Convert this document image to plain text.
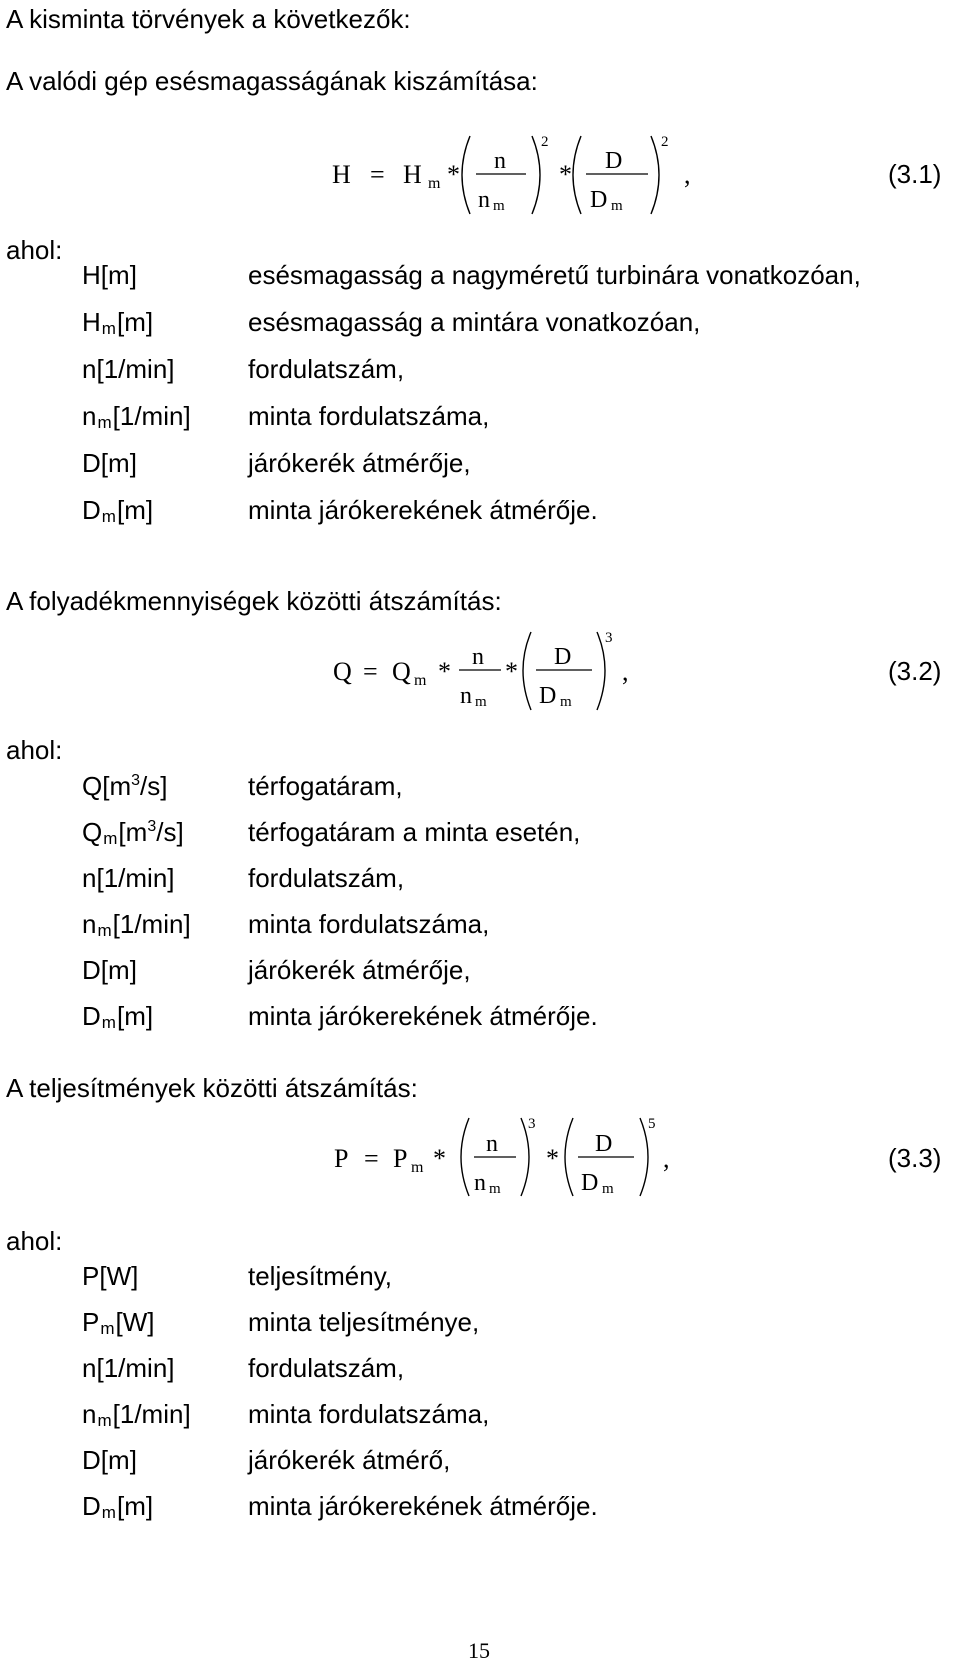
A kisminta törvények a következők:
A valódi gép esésmagasságának kiszámítása:
H = H m * n
n m
2
* D
D m
2
,	(3.1)
ahol:
H[m]	esésmagasság a nagyméretű turbinára vonatkozóan,
Hm[m]	esésmagasság a mintára vonatkozóan,
n[1/min]	fordulatszám,
nm[1/min] minta fordulatszáma,
D[m]	járókerék átmérője,
Dm[m]	minta járókerekének átmérője.
A folyadékmennyiségek közötti átszámítás:
Q = Q m * n
n m
* D
D m
3
,	(3.2)
ahol:
$Q[m^3/s]$	térfogatáram,
$Qm[m^3/s]$ térfogatáram a minta esetén,
n[1/min]	fordulatszám,
nm[1/min] minta fordulatszáma,
D[m]	járókerék átmérője,
Dm[m]	minta járókerekének átmérője.
A teljesítmények közötti átszámítás:
P = P m * n
n m
3
* D
D m
5
,	(3.3)
ahol:
P[W]	teljesítmény,
Pm[W]	minta teljesítménye,
n[1/min]	fordulatszám,
nm[1/min] minta fordulatszáma,
D[m]	járókerék átmérő,
Dm[m]	minta járókerekének átmérője.
15
